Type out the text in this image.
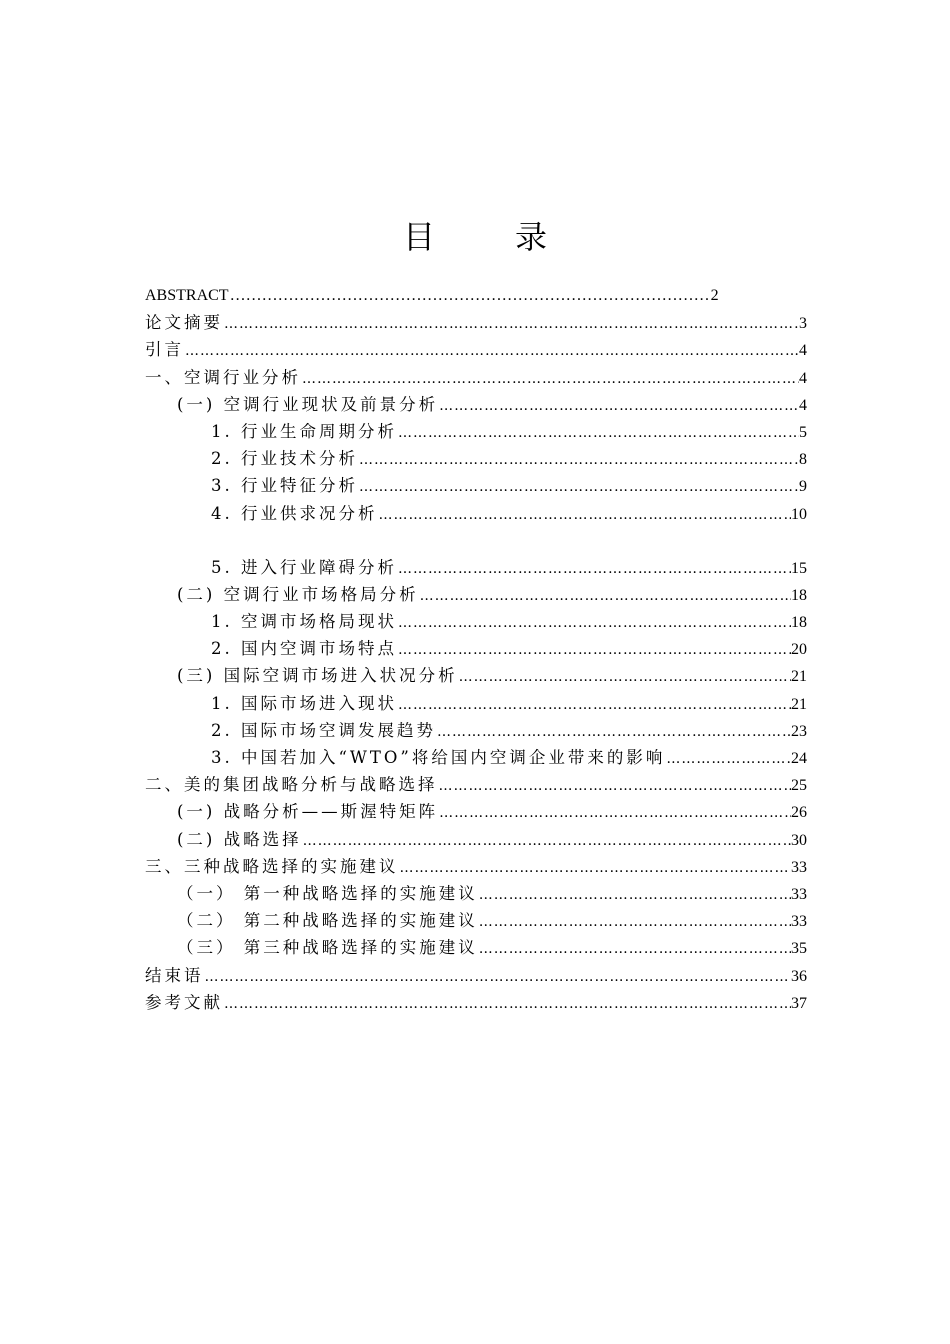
目	录
ABSTRACT ……………………………………………………………………………………………………………………	2
论文摘要 …………………………………………………………………………………………………………………………………………	3
引言 …………………………………………………………………………………………………………………………………………	4
一、空调行业分析 …………………………………………………………………………………………………………………………………………	4
(一) 空调行业现状及前景分析 …………………………………………………………………………………………………………………………………………	4
1. 行业生命周期分析 …………………………………………………………………………………………………………………………………………	5
2. 行业技术分析 …………………………………………………………………………………………………………………………………………	8
3. 行业特征分析 …………………………………………………………………………………………………………………………………………	9
4. 行业供求况分析 …………………………………………………………………………………………………………………………………………	10
5. 进入行业障碍分析 …………………………………………………………………………………………………………………………………………	15
(二) 空调行业市场格局分析 …………………………………………………………………………………………………………………………………………	18
1. 空调市场格局现状 …………………………………………………………………………………………………………………………………………	18
2. 国内空调市场特点 …………………………………………………………………………………………………………………………………………	20
(三) 国际空调市场进入状况分析 …………………………………………………………………………………………………………………………………………	21
1. 国际市场进入现状 …………………………………………………………………………………………………………………………………………	21
2. 国际市场空调发展趋势 …………………………………………………………………………………………………………………………………………	23
3. 中国若加入“WTO”将给国内空调企业带来的影响 …………………………………………………………………………………………………………………………………………	24
二、美的集团战略分析与战略选择 …………………………………………………………………………………………………………………………………………	25
(一) 战略分析——斯渥特矩阵 …………………………………………………………………………………………………………………………………………	26
(二) 战略选择 …………………………………………………………………………………………………………………………………………	30
三、三种战略选择的实施建议 …………………………………………………………………………………………………………………………………………	33
（一） 第一种战略选择的实施建议 …………………………………………………………………………………………………………………………………………	33
（二） 第二种战略选择的实施建议 …………………………………………………………………………………………………………………………………………	33
（三） 第三种战略选择的实施建议 …………………………………………………………………………………………………………………………………………	35
结束语 …………………………………………………………………………………………………………………………………………	36
参考文献 …………………………………………………………………………………………………………………………………………	37
